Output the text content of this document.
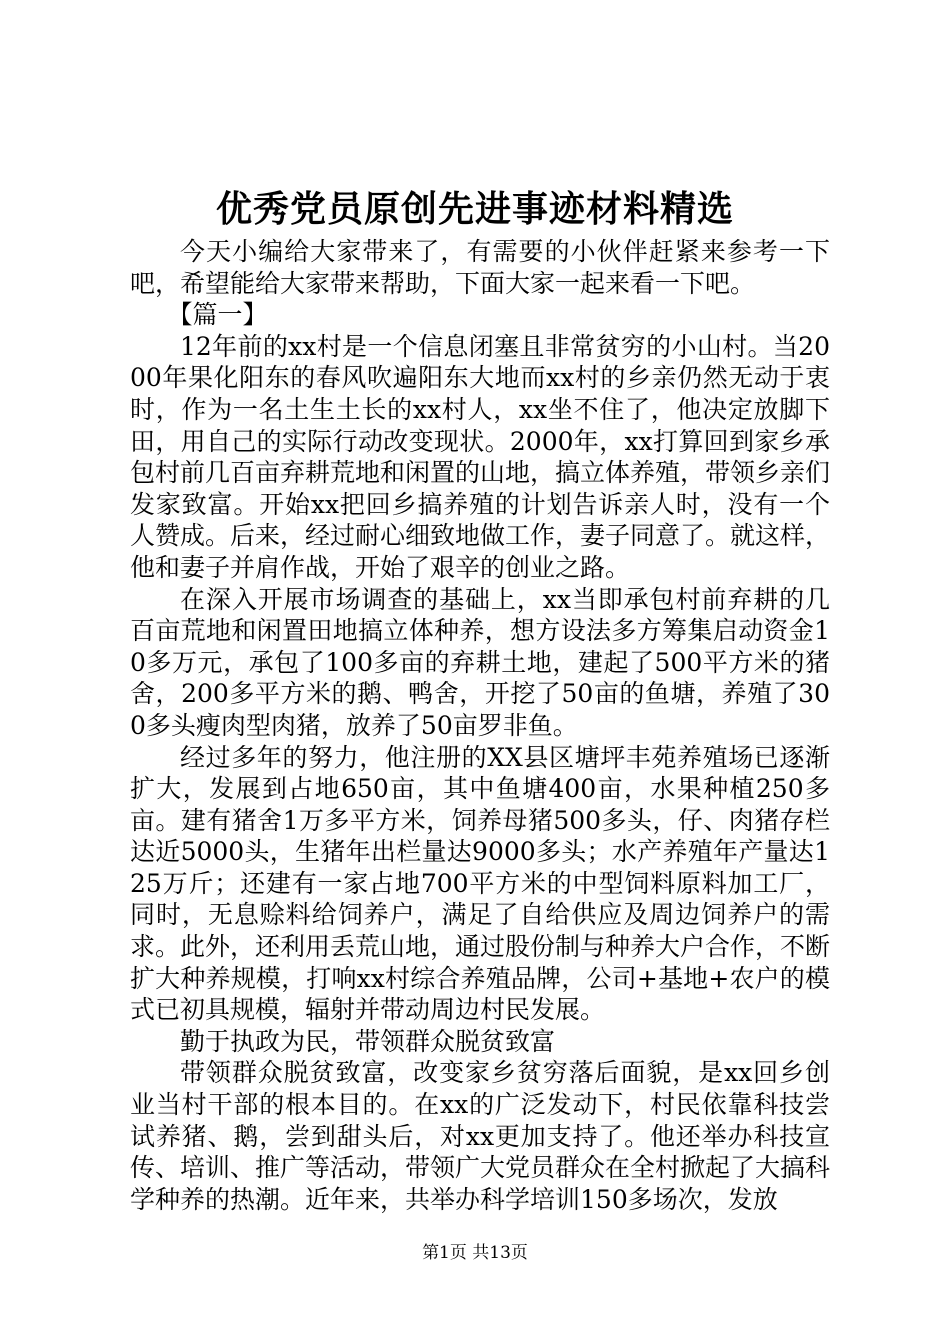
优秀党员原创先进事迹材料精选

今天小编给大家带来了，有需要的小伙伴赶紧来参考一下吧，希望能给大家带来帮助，下面大家一起来看一下吧。

【篇一】

12年前的xx村是一个信息闭塞且非常贫穷的小山村。当2000年果化阳东的春风吹遍阳东大地而xx村的乡亲仍然无动于衷时，作为一名土生土长的xx村人，xx坐不住了，他决定放脚下田，用自己的实际行动改变现状。2000年，xx打算回到家乡承包村前几百亩弃耕荒地和闲置的山地，搞立体养殖，带领乡亲们发家致富。开始xx把回乡搞养殖的计划告诉亲人时，没有一个人赞成。后来，经过耐心细致地做工作，妻子同意了。就这样，他和妻子并肩作战，开始了艰辛的创业之路。

在深入开展市场调查的基础上，xx当即承包村前弃耕的几百亩荒地和闲置田地搞立体种养，想方设法多方筹集启动资金10多万元，承包了100多亩的弃耕土地，建起了500平方米的猪舍，200多平方米的鹅、鸭舍，开挖了50亩的鱼塘，养殖了300多头瘦肉型肉猪，放养了50亩罗非鱼。

经过多年的努力，他注册的XX县区塘坪丰苑养殖场已逐渐扩大，发展到占地650亩，其中鱼塘400亩，水果种植250多亩。建有猪舍1万多平方米，饲养母猪500多头，仔、肉猪存栏达近5000头，生猪年出栏量达9000多头；水产养殖年产量达125万斤；还建有一家占地700平方米的中型饲料原料加工厂，同时，无息赊料给饲养户，满足了自给供应及周边饲养户的需求。此外，还利用丢荒山地，通过股份制与种养大户合作，不断扩大种养规模，打响xx村综合养殖品牌，公司+基地+农户的模式已初具规模，辐射并带动周边村民发展。

勤于执政为民，带领群众脱贫致富

带领群众脱贫致富，改变家乡贫穷落后面貌，是xx回乡创业当村干部的根本目的。在xx的广泛发动下，村民依靠科技尝试养猪、鹅，尝到甜头后，对xx更加支持了。他还举办科技宣传、培训、推广等活动，带领广大党员群众在全村掀起了大搞科学种养的热潮。近年来，共举办科学培训150多场次，发放

第1页 共13页
